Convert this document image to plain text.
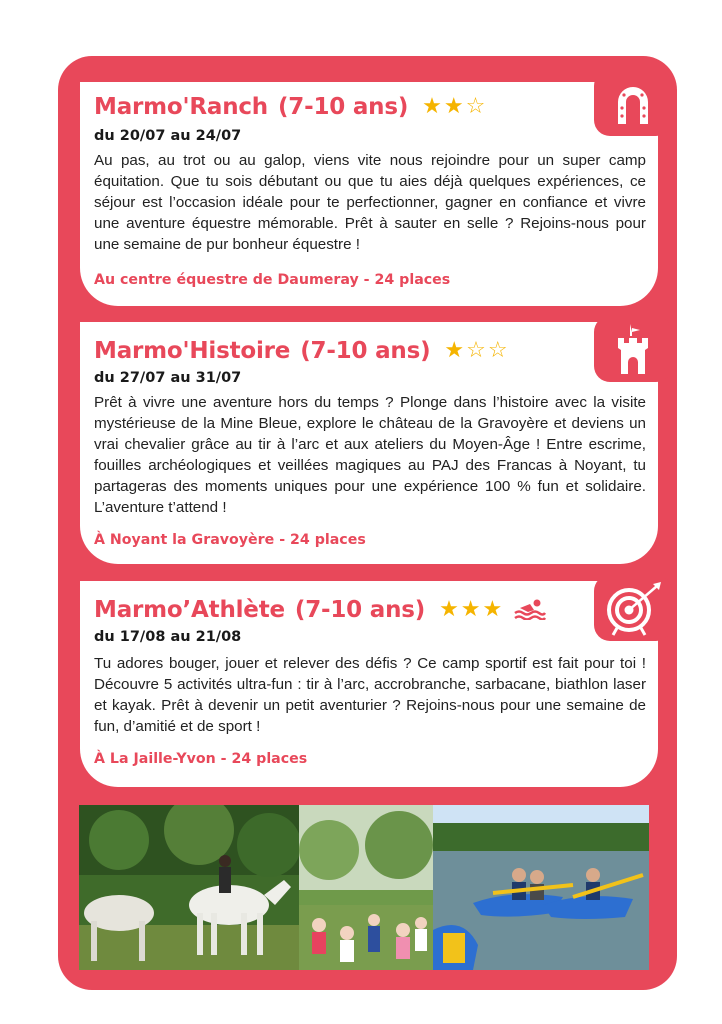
Marmo'Ranch (7-10 ans) ★★☆
du 20/07 au 24/07
Au pas, au trot ou au galop, viens vite nous rejoindre pour un super camp équitation. Que tu sois débutant ou que tu aies déjà quelques expériences, ce séjour est l’occasion idéale pour te perfectionner, gagner en confiance et vivre une aventure équestre mémorable. Prêt à sauter en selle ? Rejoins-nous pour une semaine de pur bonheur équestre !
Au centre équestre de Daumeray - 24 places
Marmo'Histoire (7-10 ans) ★☆☆
du 27/07 au 31/07
Prêt à vivre une aventure hors du temps ? Plonge dans l’histoire avec la visite mystérieuse de la Mine Bleue, explore le château de la Gravoyère et deviens un vrai chevalier grâce au tir à l’arc et aux ateliers du Moyen-Âge ! Entre escrime, fouilles archéologiques et veillées magiques au PAJ des Francas à Noyant, tu partageras des moments uniques pour une expérience 100 % fun et solidaire. L’aventure t’attend !
À Noyant la Gravoyère - 24 places
Marmo’Athlète (7-10 ans) ★★★
du 17/08 au 21/08
Tu adores bouger, jouer et relever des défis ? Ce camp sportif est fait pour toi ! Découvre 5 activités ultra-fun : tir à l’arc, accrobranche, sarbacane, biathlon laser et kayak. Prêt à devenir un petit aventurier ? Rejoins-nous pour une semaine de fun, d’amitié et de sport !
À La Jaille-Yvon - 24 places
